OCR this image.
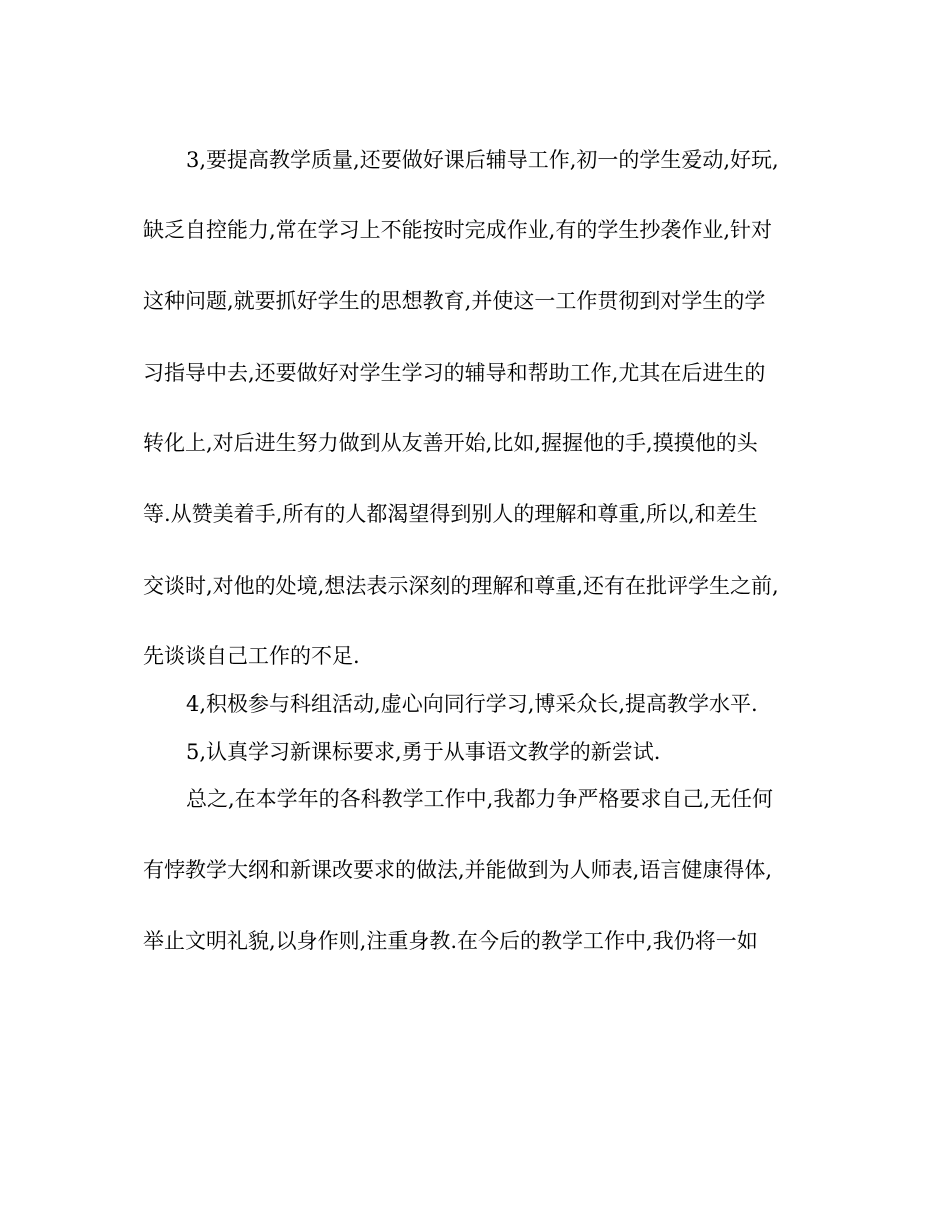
3,要提高教学质量,还要做好课后辅导工作,初一的学生爱动,好玩,
缺乏自控能力,常在学习上不能按时完成作业,有的学生抄袭作业,针对
这种问题,就要抓好学生的思想教育,并使这一工作贯彻到对学生的学
习指导中去,还要做好对学生学习的辅导和帮助工作,尤其在后进生的
转化上,对后进生努力做到从友善开始,比如,握握他的手,摸摸他的头
等.从赞美着手,所有的人都渴望得到别人的理解和尊重,所以,和差生
交谈时,对他的处境,想法表示深刻的理解和尊重,还有在批评学生之前,
先谈谈自己工作的不足.
4,积极参与科组活动,虚心向同行学习,博采众长,提高教学水平.
5,认真学习新课标要求,勇于从事语文教学的新尝试.
总之,在本学年的各科教学工作中,我都力争严格要求自己,无任何
有悖教学大纲和新课改要求的做法,并能做到为人师表,语言健康得体,
举止文明礼貌,以身作则,注重身教.在今后的教学工作中,我仍将一如
